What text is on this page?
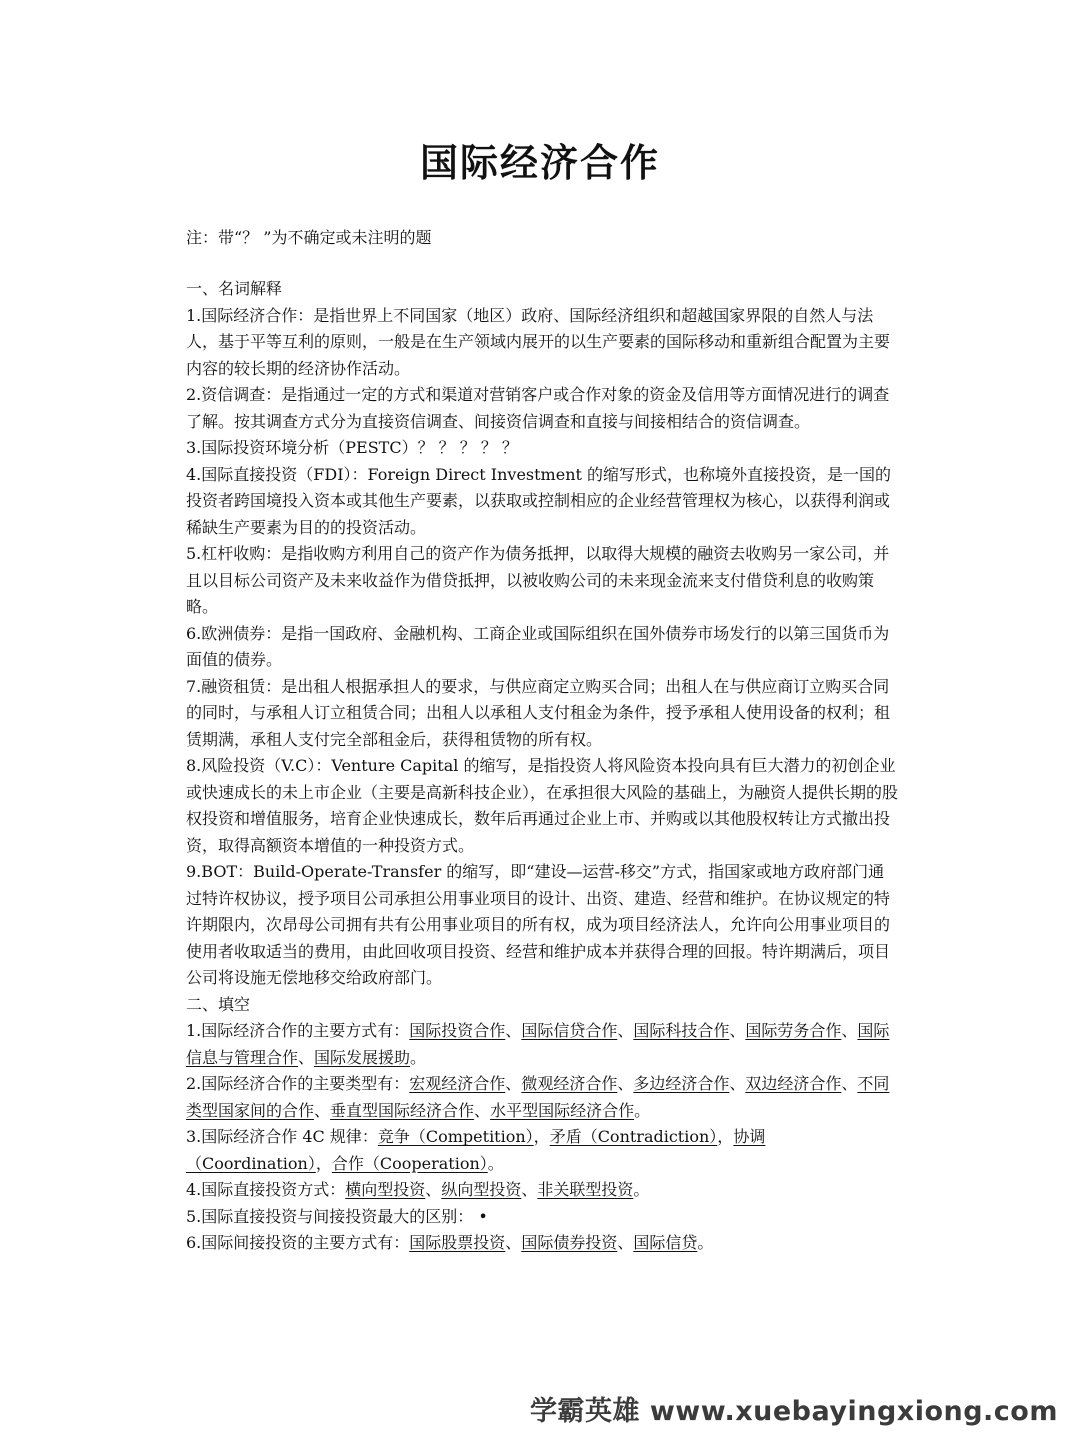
国际经济合作

注：带“？ ”为不确定或未注明的题

一、名词解释

1.国际经济合作：是指世界上不同国家（地区）政府、国际经济组织和超越国家界限的自然人与法人，基于平等互利的原则，一般是在生产领域内展开的以生产要素的国际移动和重新组合配置为主要内容的较长期的经济协作活动。

2.资信调查：是指通过一定的方式和渠道对营销客户或合作对象的资金及信用等方面情况进行的调查了解。按其调查方式分为直接资信调查、间接资信调查和直接与间接相结合的资信调查。

3.国际投资环境分析（PESTC）？ ？ ？ ？ ？

4.国际直接投资（FDI）：Foreign Direct Investment 的缩写形式，也称境外直接投资，是一国的投资者跨国境投入资本或其他生产要素，以获取或控制相应的企业经营管理权为核心，以获得利润或稀缺生产要素为目的的投资活动。

5.杠杆收购：是指收购方利用自己的资产作为债务抵押，以取得大规模的融资去收购另一家公司，并且以目标公司资产及未来收益作为借贷抵押，以被收购公司的未来现金流来支付借贷利息的收购策略。

6.欧洲债券：是指一国政府、金融机构、工商企业或国际组织在国外债券市场发行的以第三国货币为面值的债券。

7.融资租赁：是出租人根据承担人的要求，与供应商定立购买合同；出租人在与供应商订立购买合同的同时，与承租人订立租赁合同；出租人以承租人支付租金为条件，授予承租人使用设备的权利；租赁期满，承租人支付完全部租金后，获得租赁物的所有权。

8.风险投资（V.C）：Venture Capital 的缩写，是指投资人将风险资本投向具有巨大潜力的初创企业或快速成长的未上市企业（主要是高新科技企业），在承担很大风险的基础上，为融资人提供长期的股权投资和增值服务，培育企业快速成长，数年后再通过企业上市、并购或以其他股权转让方式撤出投资，取得高额资本增值的一种投资方式。

9.BOT：Build-Operate-Transfer 的缩写，即“建设—运营-移交”方式，指国家或地方政府部门通过特许权协议，授予项目公司承担公用事业项目的设计、出资、建造、经营和维护。在协议规定的特许期限内，次昂母公司拥有共有公用事业项目的所有权，成为项目经济法人，允许向公用事业项目的使用者收取适当的费用，由此回收项目投资、经营和维护成本并获得合理的回报。特许期满后，项目公司将设施无偿地移交给政府部门。

二、填空

1.国际经济合作的主要方式有：国际投资合作、国际信贷合作、国际科技合作、国际劳务合作、国际信息与管理合作、国际发展援助。

2.国际经济合作的主要类型有：宏观经济合作、微观经济合作、多边经济合作、双边经济合作、不同类型国家间的合作、垂直型国际经济合作、水平型国际经济合作。

3.国际经济合作 4C 规律：竞争（Competition），矛盾（Contradiction），协调（Coordination），合作（Cooperation）。

4.国际直接投资方式：横向型投资、纵向型投资、非关联型投资。

5.国际直接投资与间接投资最大的区别： •

6.国际间接投资的主要方式有：国际股票投资、国际债券投资、国际信贷。

学霸英雄 www.xuebayingxiong.com
